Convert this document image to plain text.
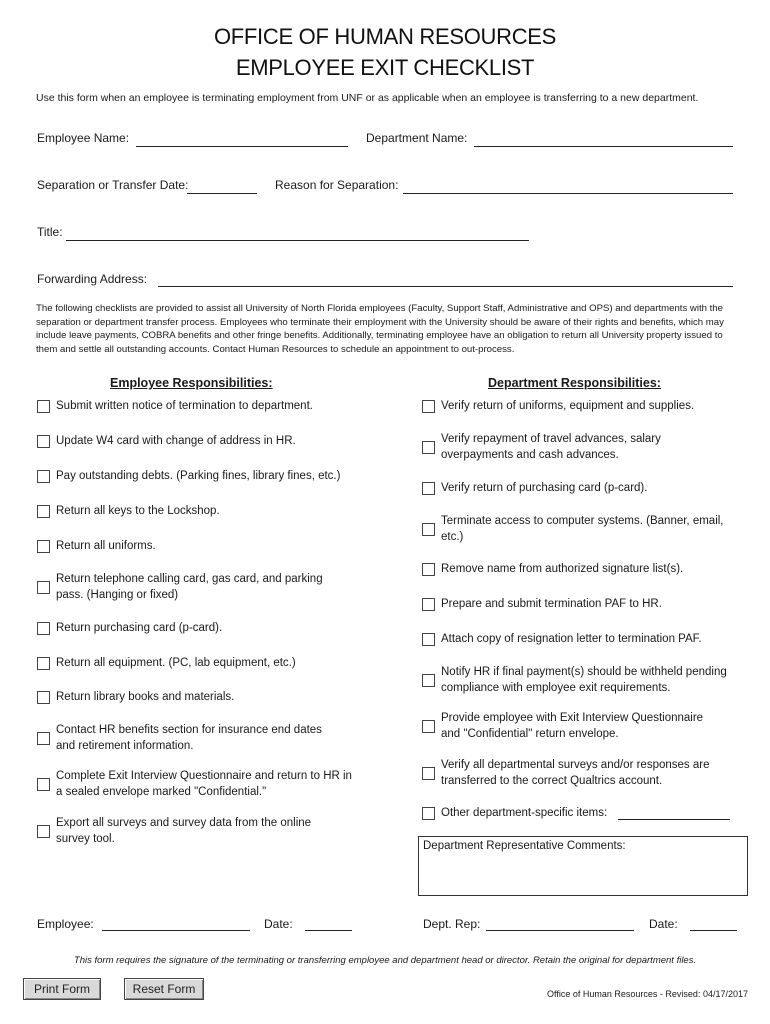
OFFICE OF HUMAN RESOURCES
EMPLOYEE EXIT CHECKLIST
Use this form when an employee is terminating employment from UNF or as applicable when an employee is transferring to a new department.
Employee Name:	Department Name:
Separation or Transfer Date:	Reason for Separation:
Title:
Forwarding Address:
The following checklists are provided to assist all University of North Florida employees (Faculty, Support Staff, Administrative and OPS) and departments with the separation or department transfer process. Employees who terminate their employment with the University should be aware of their rights and benefits, which may include leave payments, COBRA benefits and other fringe benefits. Additionally, terminating employee have an obligation to return all University property issued to them and settle all outstanding accounts. Contact Human Resources to schedule an appointment to out-process.
Employee Responsibilities:	Department Responsibilities:
Submit written notice of termination to department.
Update W4 card with change of address in HR.
Pay outstanding debts. (Parking fines, library fines, etc.)
Return all keys to the Lockshop.
Return all uniforms.
Return telephone calling card, gas card, and parking pass. (Hanging or fixed)
Return purchasing card (p-card).
Return all equipment. (PC, lab equipment, etc.)
Return library books and materials.
Contact HR benefits section for insurance end dates and retirement information.
Complete Exit Interview Questionnaire and return to HR in a sealed envelope marked "Confidential."
Export all surveys and survey data from the online survey tool.
Verify return of uniforms, equipment and supplies.
Verify repayment of travel advances, salary overpayments and cash advances.
Verify return of purchasing card (p-card).
Terminate access to computer systems. (Banner, email, etc.)
Remove name from authorized signature list(s).
Prepare and submit termination PAF to HR.
Attach copy of resignation letter to termination PAF.
Notify HR if final payment(s) should be withheld pending compliance with employee exit requirements.
Provide employee with Exit Interview Questionnaire and "Confidential" return envelope.
Verify all departmental surveys and/or responses are transferred to the correct Qualtrics account.
Other department-specific items:
Department Representative Comments:
Employee:	Date:	Dept. Rep:	Date:
This form requires the signature of the terminating or transferring employee and department head or director. Retain the original for department files.
Print Form	Reset Form	Office of Human Resources - Revised: 04/17/2017
